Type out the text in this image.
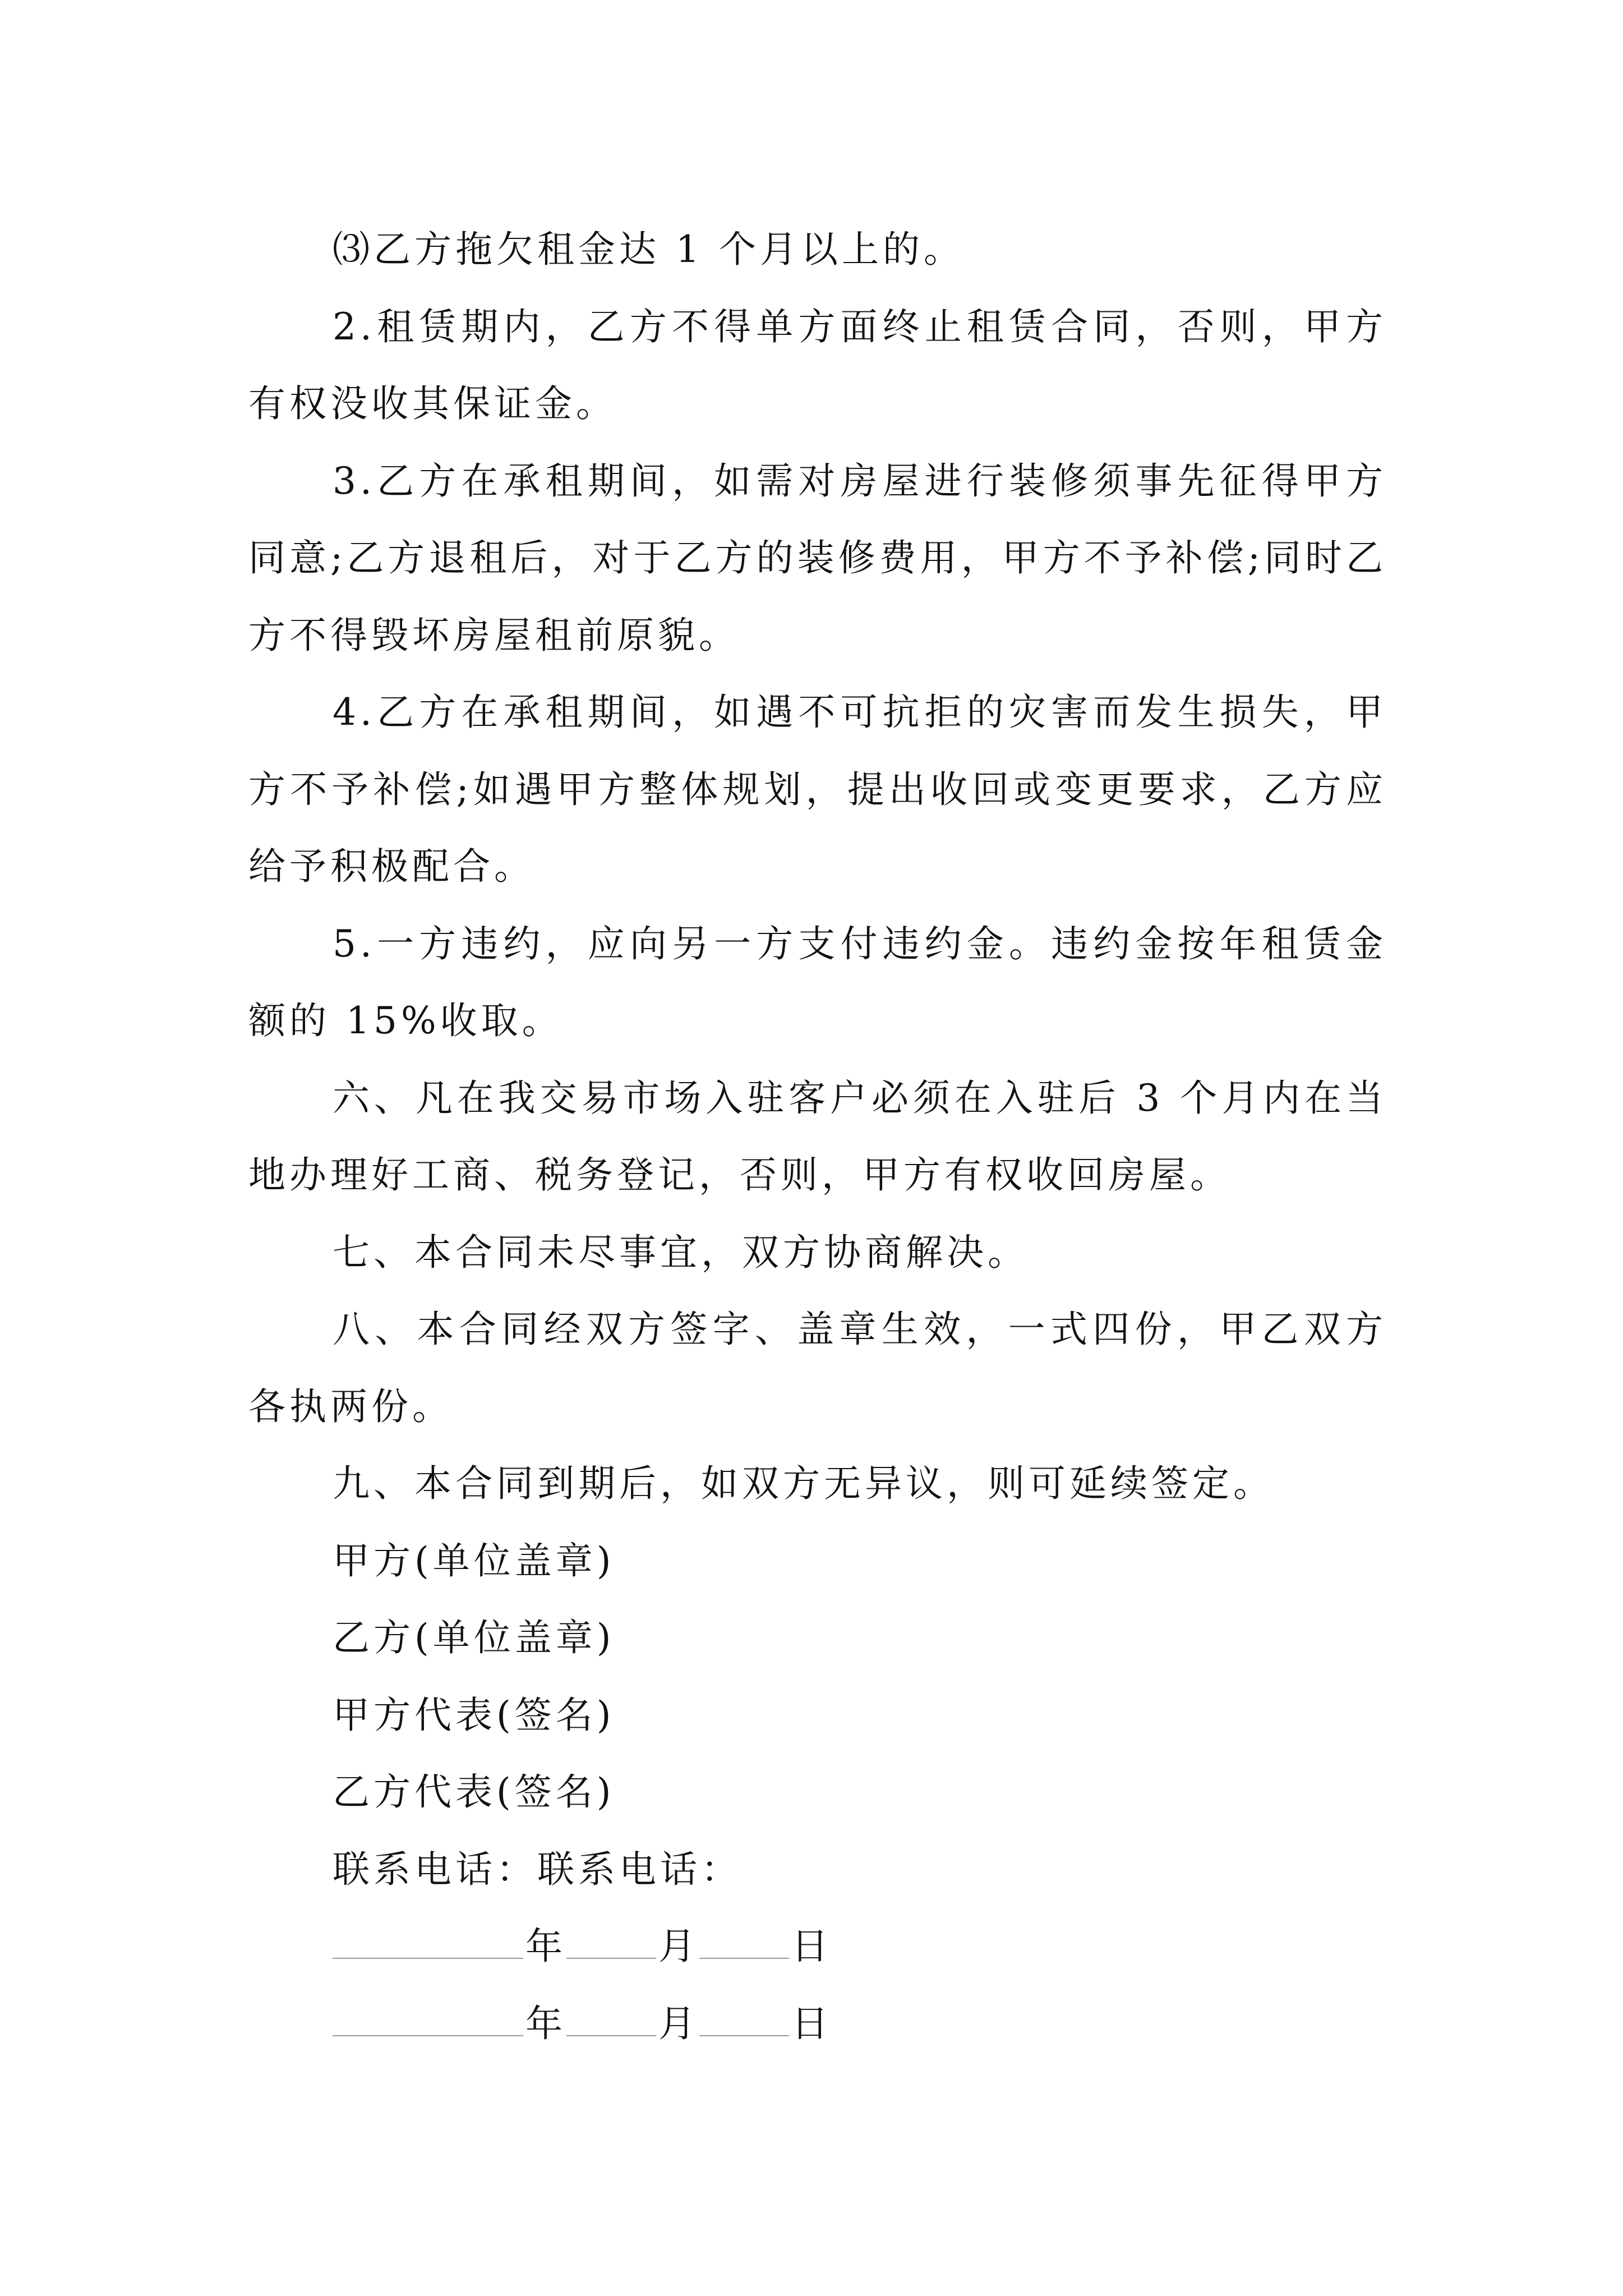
⑶乙方拖欠租金达 1 个月以上的。

2.租赁期内，乙方不得单方面终止租赁合同，否则，甲方有权没收其保证金。

3.乙方在承租期间，如需对房屋进行装修须事先征得甲方同意;乙方退租后，对于乙方的装修费用，甲方不予补偿;同时乙方不得毁坏房屋租前原貌。

4.乙方在承租期间，如遇不可抗拒的灾害而发生损失，甲方不予补偿;如遇甲方整体规划，提出收回或变更要求，乙方应给予积极配合。

5.一方违约，应向另一方支付违约金。违约金按年租赁金额的 15%收取。

六、凡在我交易市场入驻客户必须在入驻后 3 个月内在当地办理好工商、税务登记，否则，甲方有权收回房屋。

七、本合同未尽事宜，双方协商解决。

八、本合同经双方签字、盖章生效，一式四份，甲乙双方各执两份。

九、本合同到期后，如双方无异议，则可延续签定。

甲方(单位盖章)

乙方(单位盖章)

甲方代表(签名)

乙方代表(签名)

联系电话：联系电话：

年 月 日
年 月 日
